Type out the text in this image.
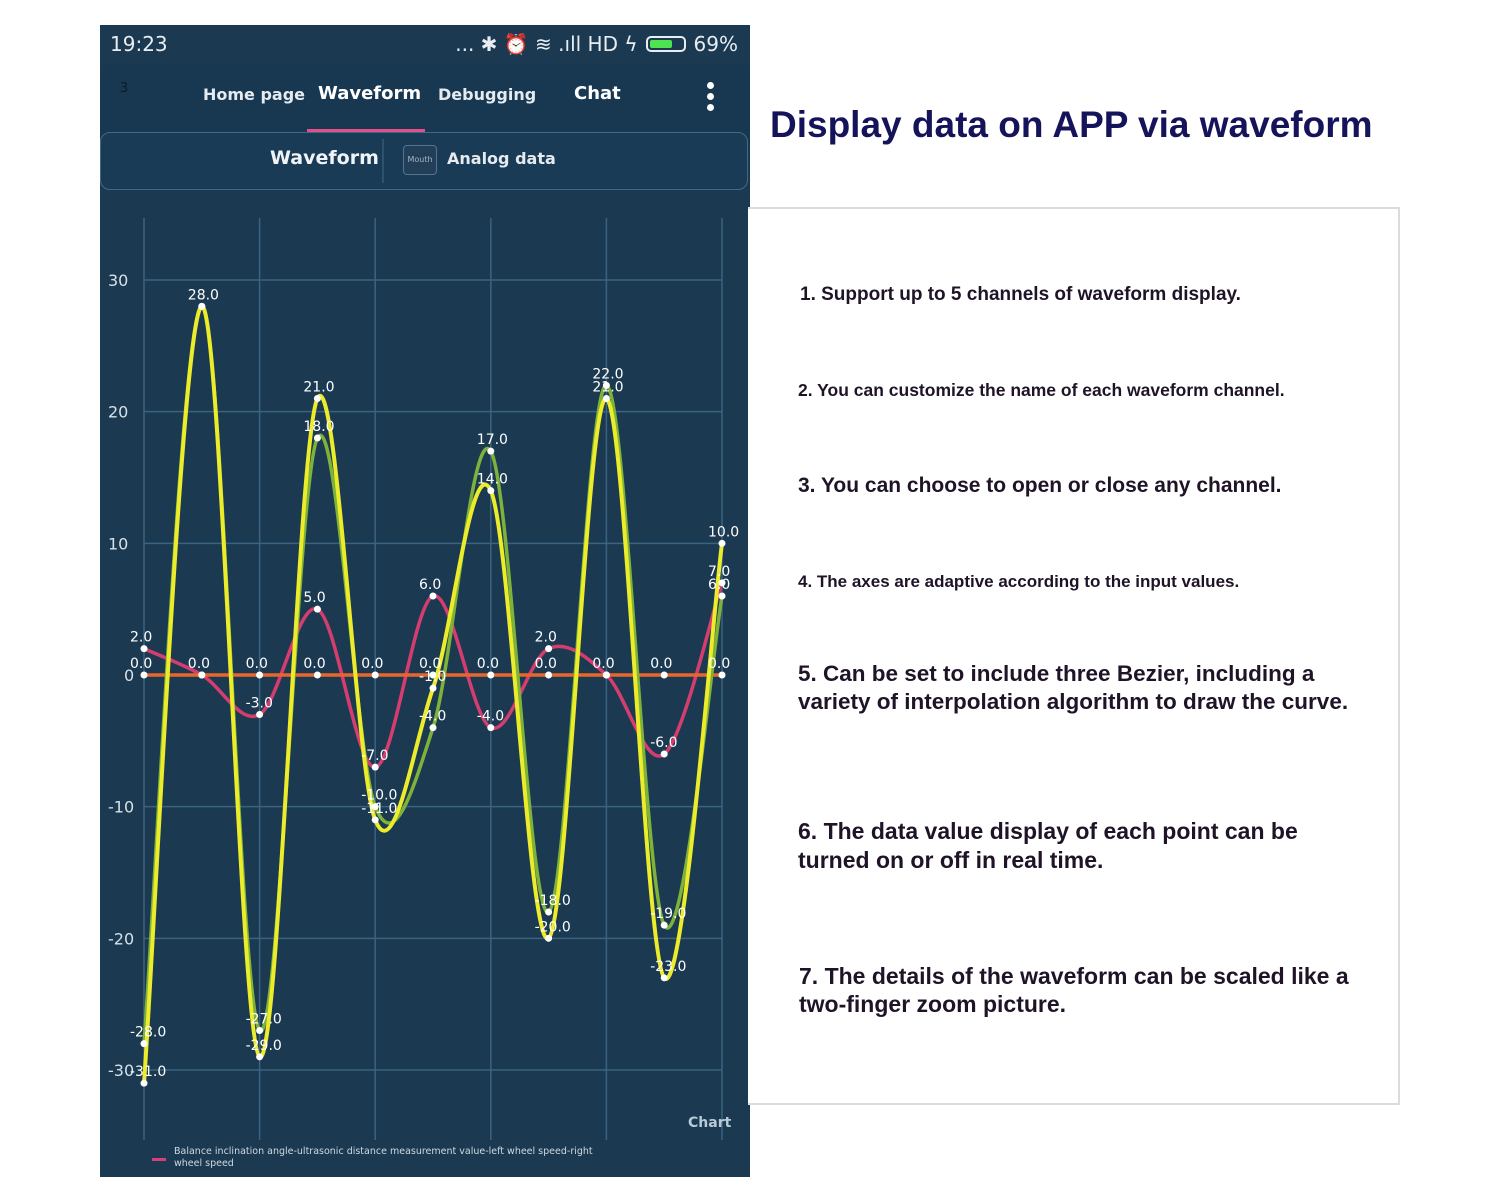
19:23	... ✱ ⏰ ≋ .ıll HD ϟ	69%
3	Home page Waveform Debugging Chat
Waveform	Mouth Analog data
30
20
10
0
-10
-20
-30
2.0
0.0
-28.0
-31.0
28.0
0.0	0.0
-3.0
-27.0
-29.0
21.0
18.0
5.0
0.0	0.0
-7.0
-10.0
-11.0
6.0
0.0
-1.0
-4.0
17.0
14.0
0.0
-4.0
2.0
0.0
-18.0
-20.0
22.0
21.0
0.0	0.0
-6.0
-19.0
-23.0
10.0
7.0
6.0
0.0
Chart
Balance inclination angle-ultrasonic distance measurement value-left wheel speed-right wheel speed
Display data on APP via waveform

1. Support up to 5 channels of waveform display.

2. You can customize the name of each waveform channel.

3. You can choose to open or close any channel.

4. The axes are adaptive according to the input values.

5. Can be set to include three Bezier, including a variety of interpolation algorithm to draw the curve.

6. The data value display of each point can be turned on or off in real time.

7. The details of the waveform can be scaled like a two-finger zoom picture.
